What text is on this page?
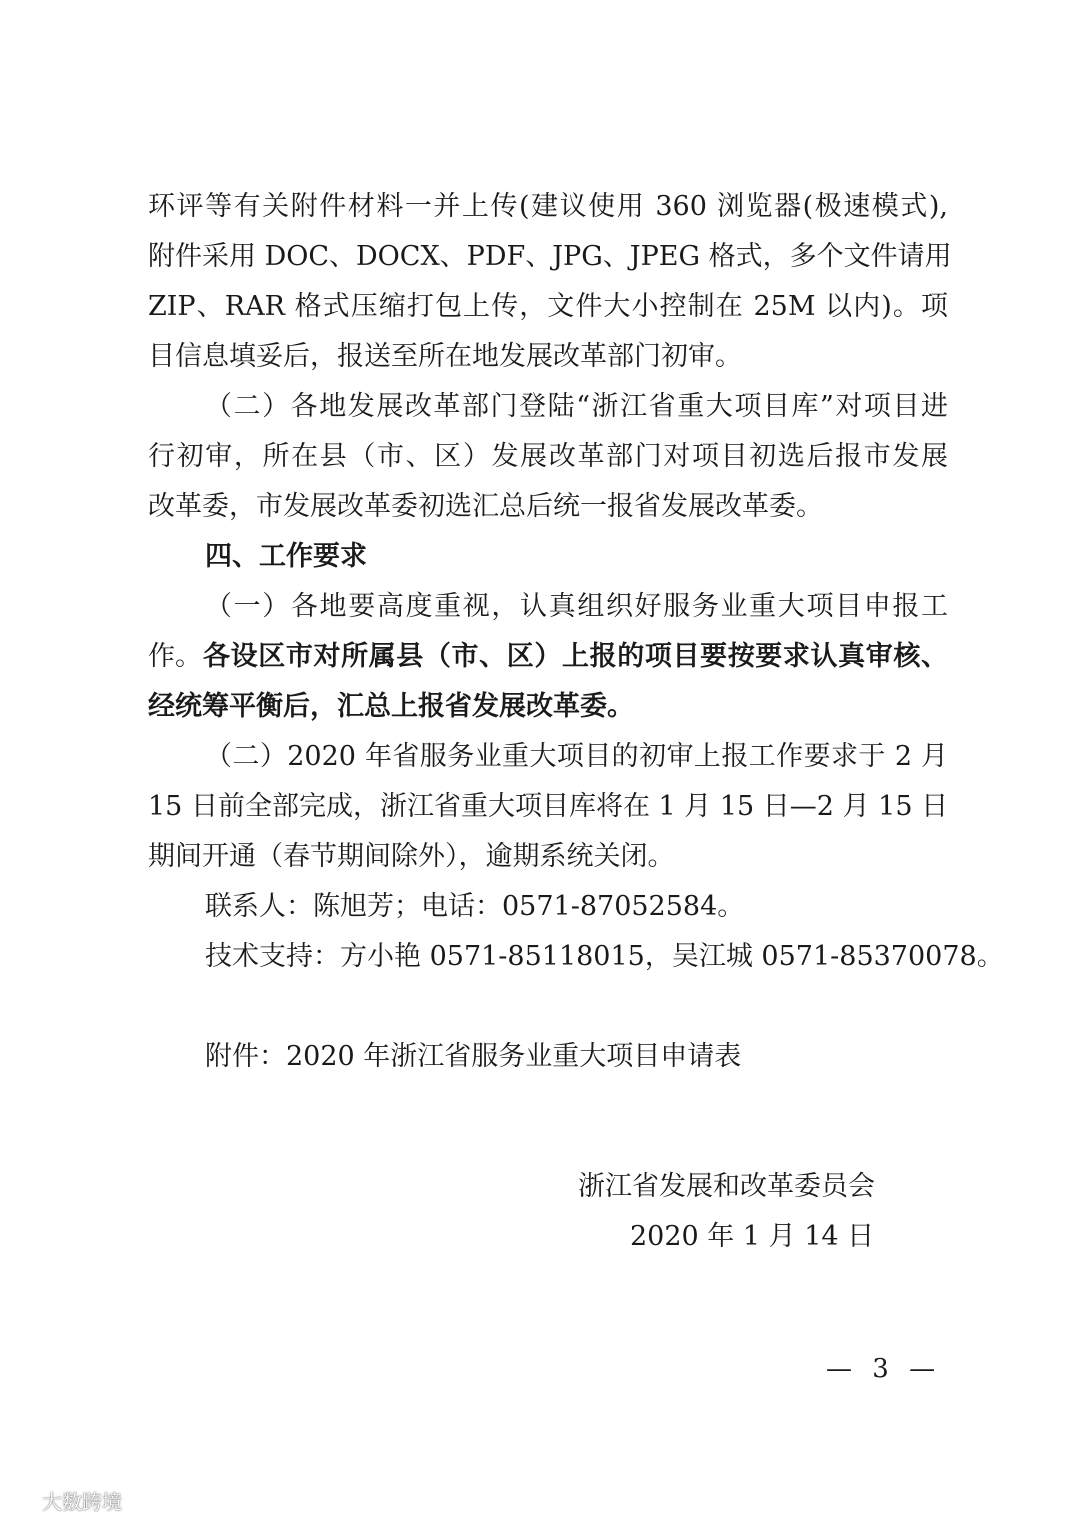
环评等有关附件材料一并上传(建议使用 360 浏览器(极速模式),
附件采用 DOC、DOCX、PDF、JPG、JPEG 格式，多个文件请用
ZIP、RAR 格式压缩打包上传，文件大小控制在 25M 以内)。项
目信息填妥后，报送至所在地发展改革部门初审。
（二）各地发展改革部门登陆“浙江省重大项目库”对项目进
行初审，所在县（市、区）发展改革部门对项目初选后报市发展
改革委，市发展改革委初选汇总后统一报省发展改革委。
四、工作要求
（一）各地要高度重视，认真组织好服务业重大项目申报工
作。 各设区市对所属县（市、区）上报的项目要按要求认真审核、
经统筹平衡后，汇总上报省发展改革委。
（二）2020 年省服务业重大项目的初审上报工作要求于 2 月
15 日前全部完成，浙江省重大项目库将在 1 月 15 日—2 月 15 日
期间开通（春节期间除外），逾期系统关闭。
联系人：陈旭芳；电话：0571-87052584。
技术支持：方小艳 0571-85118015，吴江城 0571-85370078。
附件：2020 年浙江省服务业重大项目申请表
浙江省发展和改革委员会
2020 年 1 月 14 日
— 3 —
大数跨境
